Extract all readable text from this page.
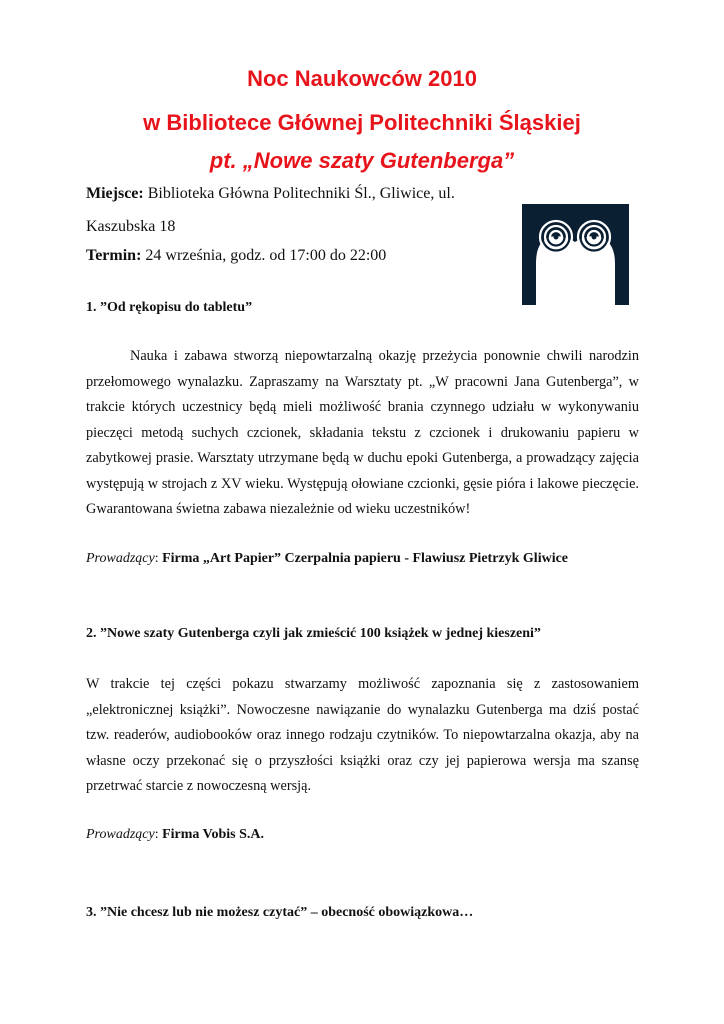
Noc Naukowców 2010
w Bibliotece Głównej Politechniki Śląskiej
pt. „Nowe szaty Gutenberga”

Miejsce: Biblioteka Główna Politechniki Śl., Gliwice, ul.

Kaszubska 18

Termin: 24 września, godz. od 17:00 do 22:00

1. ”Od rękopisu do tabletu”

Nauka i zabawa stworzą niepowtarzalną okazję przeżycia ponownie chwili narodzin przełomowego wynalazku. Zapraszamy na Warsztaty pt. „W pracowni Jana Gutenberga”, w trakcie których uczestnicy będą mieli możliwość brania czynnego udziału w wykonywaniu pieczęci metodą suchych czcionek, składania tekstu z czcionek i drukowaniu papieru w zabytkowej prasie. Warsztaty utrzymane będą w duchu epoki Gutenberga, a prowadzący zajęcia występują w strojach z XV wieku. Występują ołowiane czcionki, gęsie pióra i lakowe pieczęcie. Gwarantowana świetna zabawa niezależnie od wieku uczestników!

Prowadzący: Firma „Art Papier” Czerpalnia papieru - Flawiusz Pietrzyk Gliwice

2. ”Nowe szaty Gutenberga czyli jak zmieścić 100 książek w jednej kieszeni”

W trakcie tej części pokazu stwarzamy możliwość zapoznania się z zastosowaniem „elektronicznej książki”. Nowoczesne nawiązanie do wynalazku Gutenberga ma dziś postać tzw. readerów, audiobooków oraz innego rodzaju czytników. To niepowtarzalna okazja, aby na własne oczy przekonać się o przyszłości książki oraz czy jej papierowa wersja ma szansę przetrwać starcie z nowoczesną wersją.

Prowadzący: Firma Vobis S.A.

3. ”Nie chcesz lub nie możesz czytać” – obecność obowiązkowa…
